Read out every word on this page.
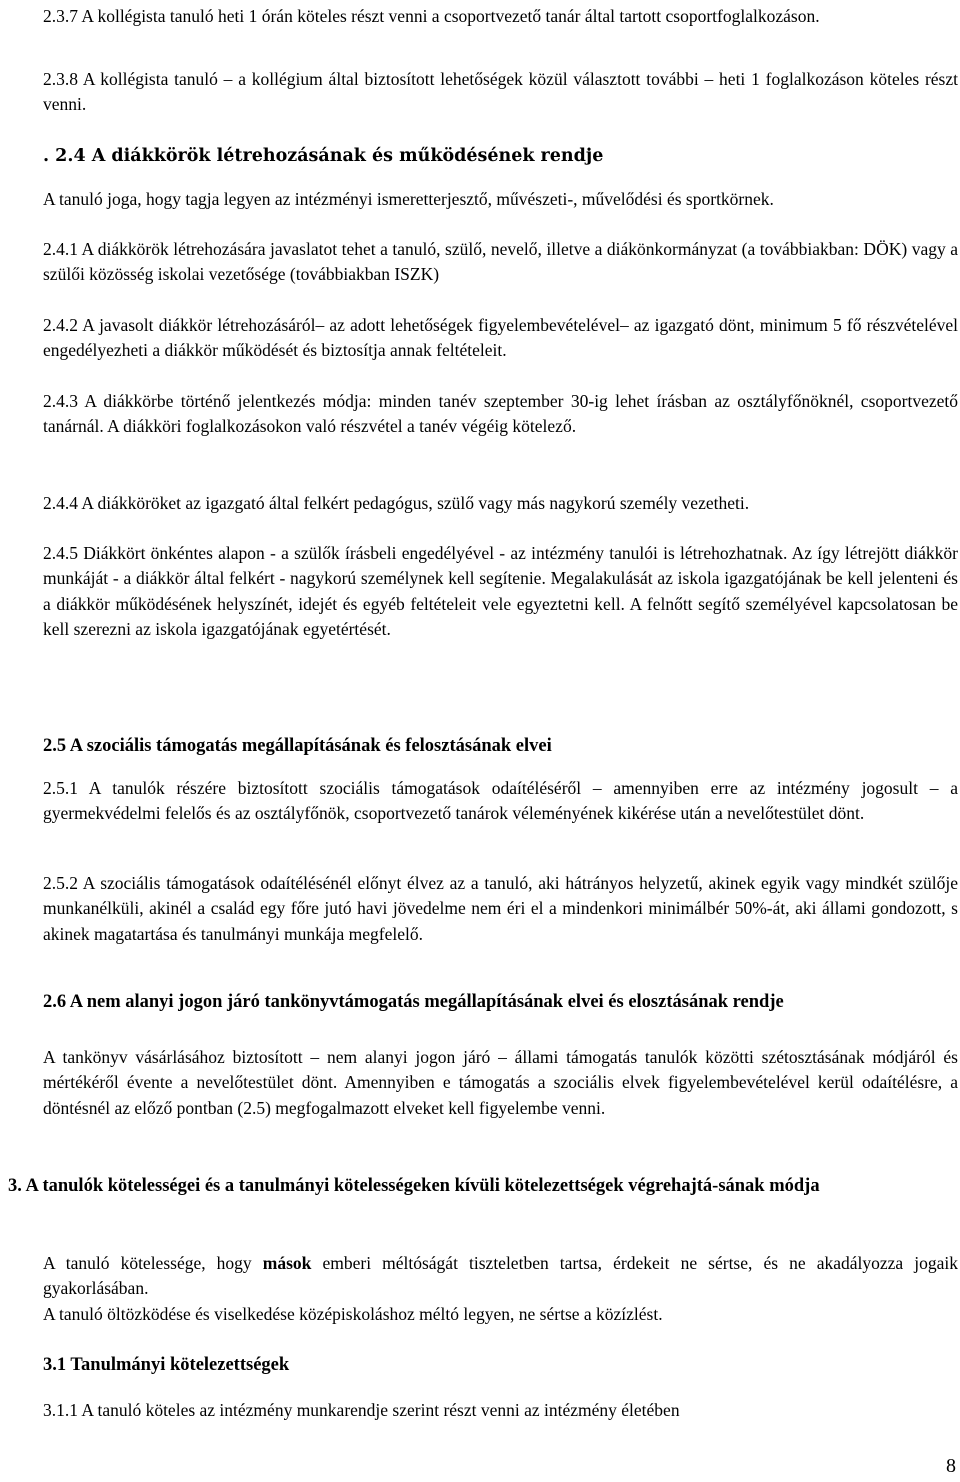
2.3.7 A kollégista tanuló heti 1 órán köteles részt venni a csoportvezető tanár által tartott csoportfoglalkozáson.

2.3.8 A kollégista tanuló – a kollégium által biztosított lehetőségek közül választott további – heti 1 foglalkozáson köteles részt venni.

. 2.4 A diákkörök létrehozásának és működésének rendje

A tanuló joga, hogy tagja legyen az intézményi ismeretterjesztő, művészeti-, művelődési és sportkörnek.

2.4.1 A diákkörök létrehozására javaslatot tehet a tanuló, szülő, nevelő, illetve a diákönkormányzat (a továbbiakban: DÖK) vagy a szülői közösség iskolai vezetősége (továbbiakban ISZK)

2.4.2 A javasolt diákkör létrehozásáról– az adott lehetőségek figyelembevételével– az igazgató dönt, minimum 5 fő részvételével engedélyezheti a diákkör működését és biztosítja annak feltételeit.

2.4.3 A diákkörbe történő jelentkezés módja: minden tanév szeptember 30-ig lehet írásban az osztályfőnöknél, csoportvezető tanárnál. A diákköri foglalkozásokon való részvétel a tanév végéig kötelező.

2.4.4 A diákköröket az igazgató által felkért pedagógus, szülő vagy más nagykorú személy vezetheti.

2.4.5 Diákkört önkéntes alapon - a szülők írásbeli engedélyével - az intézmény tanulói is létrehozhatnak. Az így létrejött diákkör munkáját - a diákkör által felkért - nagykorú személynek kell segítenie. Megalakulását az iskola igazgatójának be kell jelenteni és a diákkör működésének helyszínét, idejét és egyéb feltételeit vele egyeztetni kell. A felnőtt segítő személyével kapcsolatosan be kell szerezni az iskola igazgatójának egyetértését.

2.5 A szociális támogatás megállapításának és felosztásának elvei

2.5.1 A tanulók részére biztosított szociális támogatások odaítéléséről – amennyiben erre az intézmény jogosult – a gyermekvédelmi felelős és az osztályfőnök, csoportvezető tanárok véleményének kikérése után a nevelőtestület dönt.

2.5.2 A szociális támogatások odaítélésénél előnyt élvez az a tanuló, aki hátrányos helyzetű, akinek egyik vagy mindkét szülője munkanélküli, akinél a család egy főre jutó havi jövedelme nem éri el a mindenkori minimálbér 50%-át, aki állami gondozott, s akinek magatartása és tanulmányi munkája megfelelő.

2.6 A nem alanyi jogon járó tankönyvtámogatás megállapításának elvei és elosztásának rendje

A tankönyv vásárlásához biztosított – nem alanyi jogon járó – állami támogatás tanulók közötti szétosztásának módjáról és mértékéről évente a nevelőtestület dönt. Amennyiben e támogatás a szociális elvek figyelembevételével kerül odaítélésre, a döntésnél az előző pontban (2.5) megfogalmazott elveket kell figyelembe venni.

3. A tanulók kötelességei és a tanulmányi kötelességeken kívüli kötelezettségek végrehajtá-sának módja

A tanuló kötelessége, hogy mások emberi méltóságát tiszteletben tartsa, érdekeit ne sértse, és ne akadályozza jogaik gyakorlásában.

A tanuló öltözködése és viselkedése középiskoláshoz méltó legyen, ne sértse a közízlést.

3.1 Tanulmányi kötelezettségek

3.1.1 A tanuló köteles az intézmény munkarendje szerint részt venni az intézmény életében

8
